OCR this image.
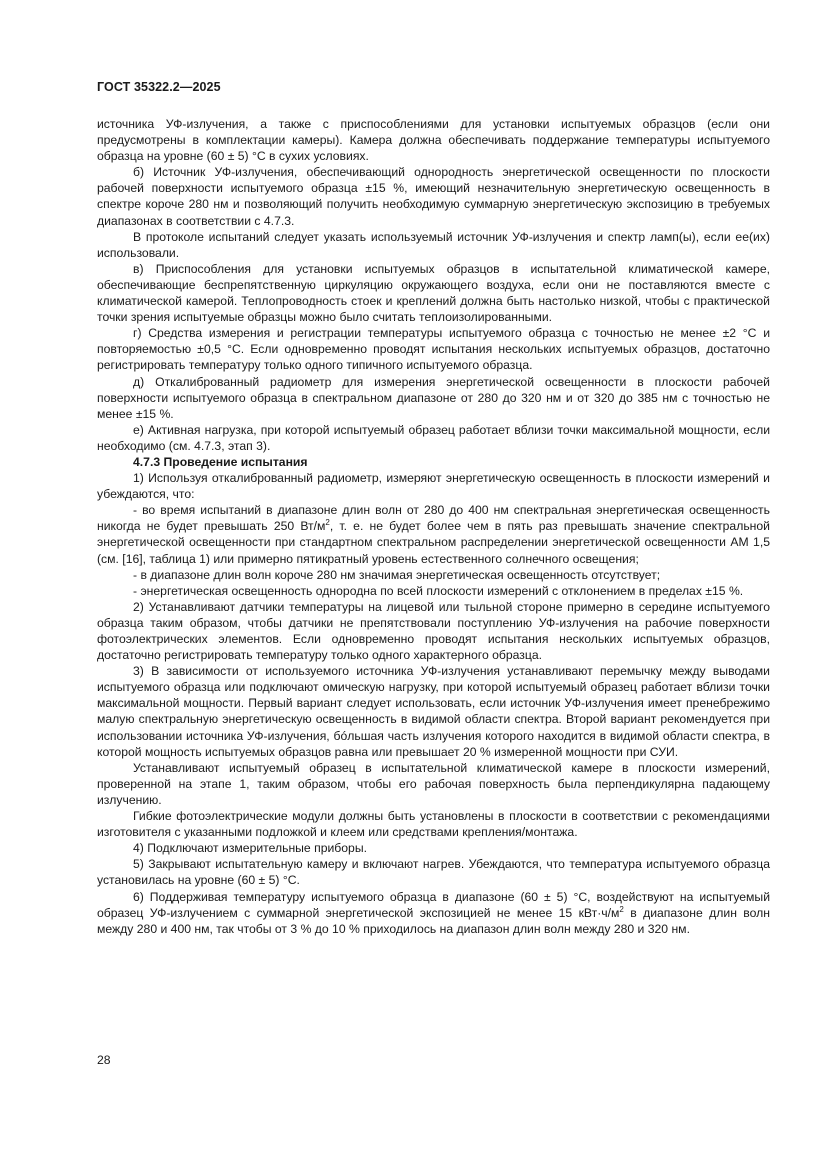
ГОСТ 35322.2—2025

источника УФ-излучения, а также с приспособлениями для установки испытуемых образцов (если они предусмотрены в комплектации камеры). Камера должна обеспечивать поддержание температуры испытуемого образца на уровне (60 ± 5) °С в сухих условиях.

б) Источник УФ-излучения, обеспечивающий однородность энергетической освещенности по плоскости рабочей поверхности испытуемого образца ±15 %, имеющий незначительную энергетическую освещенность в спектре короче 280 нм и позволяющий получить необходимую суммарную энергетическую экспозицию в требуемых диапазонах в соответствии с 4.7.3.

В протоколе испытаний следует указать используемый источник УФ-излучения и спектр ламп(ы), если ее(их) использовали.

в) Приспособления для установки испытуемых образцов в испытательной климатической камере, обеспечивающие беспрепятственную циркуляцию окружающего воздуха, если они не поставляются вместе с климатической камерой. Теплопроводность стоек и креплений должна быть настолько низкой, чтобы с практической точки зрения испытуемые образцы можно было считать теплоизолированными.

г) Средства измерения и регистрации температуры испытуемого образца с точностью не менее ±2 °С и повторяемостью ±0,5 °С. Если одновременно проводят испытания нескольких испытуемых образцов, достаточно регистрировать температуру только одного типичного испытуемого образца.

д) Откалиброванный радиометр для измерения энергетической освещенности в плоскости рабочей поверхности испытуемого образца в спектральном диапазоне от 280 до 320 нм и от 320 до 385 нм с точностью не менее ±15 %.

е) Активная нагрузка, при которой испытуемый образец работает вблизи точки максимальной мощности, если необходимо (см. 4.7.3, этап 3).

4.7.3 Проведение испытания

1) Используя откалиброванный радиометр, измеряют энергетическую освещенность в плоскости измерений и убеждаются, что:

- во время испытаний в диапазоне длин волн от 280 до 400 нм спектральная энергетическая освещенность никогда не будет превышать 250 $Вт/м^2$, т. е. не будет более чем в пять раз превышать значение спектральной энергетической освещенности при стандартном спектральном распределении энергетической освещенности АМ 1,5 (см. [16], таблица 1) или примерно пятикратный уровень естественного солнечного освещения;

- в диапазоне длин волн короче 280 нм значимая энергетическая освещенность отсутствует;

- энергетическая освещенность однородна по всей плоскости измерений с отклонением в пределах ±15 %.

2) Устанавливают датчики температуры на лицевой или тыльной стороне примерно в середине испытуемого образца таким образом, чтобы датчики не препятствовали поступлению УФ-излучения на рабочие поверхности фотоэлектрических элементов. Если одновременно проводят испытания нескольких испытуемых образцов, достаточно регистрировать температуру только одного характерного образца.

3) В зависимости от используемого источника УФ-излучения устанавливают перемычку между выводами испытуемого образца или подключают омическую нагрузку, при которой испытуемый образец работает вблизи точки максимальной мощности. Первый вариант следует использовать, если источник УФ-излучения имеет пренебрежимо малую спектральную энергетическую освещенность в видимой области спектра. Второй вариант рекомендуется при использовании источника УФ-излучения, бóльшая часть излучения которого находится в видимой области спектра, в которой мощность испытуемых образцов равна или превышает 20 % измеренной мощности при СУИ.

Устанавливают испытуемый образец в испытательной климатической камере в плоскости измерений, проверенной на этапе 1, таким образом, чтобы его рабочая поверхность была перпендикулярна падающему излучению.

Гибкие фотоэлектрические модули должны быть установлены в плоскости в соответствии с рекомендациями изготовителя с указанными подложкой и клеем или средствами крепления/монтажа.

4) Подключают измерительные приборы.

5) Закрывают испытательную камеру и включают нагрев. Убеждаются, что температура испытуемого образца установилась на уровне (60 ± 5) °С.

6) Поддерживая температуру испытуемого образца в диапазоне (60 ± 5) °С, воздействуют на испытуемый образец УФ-излучением с суммарной энергетической экспозицией не менее 15 $кВт\cdot ч/м^2$ в диапазоне длин волн между 280 и 400 нм, так чтобы от 3 % до 10 % приходилось на диапазон длин волн между 280 и 320 нм.

28
